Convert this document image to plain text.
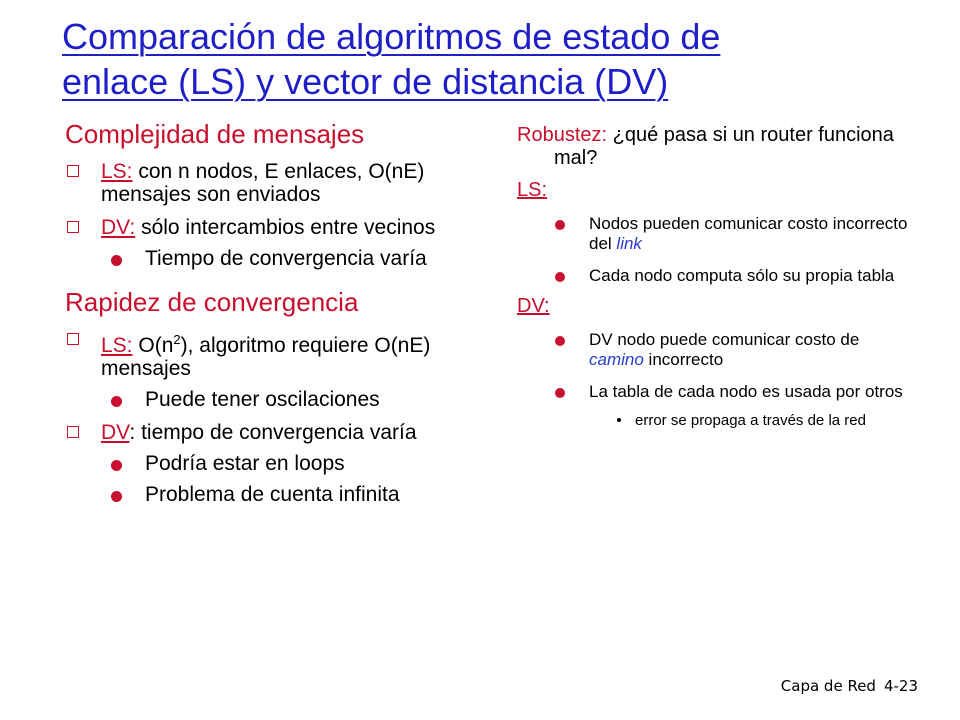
Comparación de algoritmos de estado de
enlace (LS) y vector de distancia (DV)

Complejidad de mensajes

LS: con n nodos, E enlaces, O(nE) mensajes son enviados
DV: sólo intercambios entre vecinos
Tiempo de convergencia varía

Rapidez de convergencia

LS: $O(n^2)$, algoritmo requiere O(nE) mensajes
Puede tener oscilaciones
DV: tiempo de convergencia varía
Podría estar en loops
Problema de cuenta infinita

Robustez: ¿qué pasa si un router funciona mal?

LS:
Nodos pueden comunicar costo incorrecto del link
Cada nodo computa sólo su propia tabla
DV:
DV nodo puede comunicar costo de camino incorrecto
La tabla de cada nodo es usada por otros
error se propaga a través de la red
Capa de Red 4-23
